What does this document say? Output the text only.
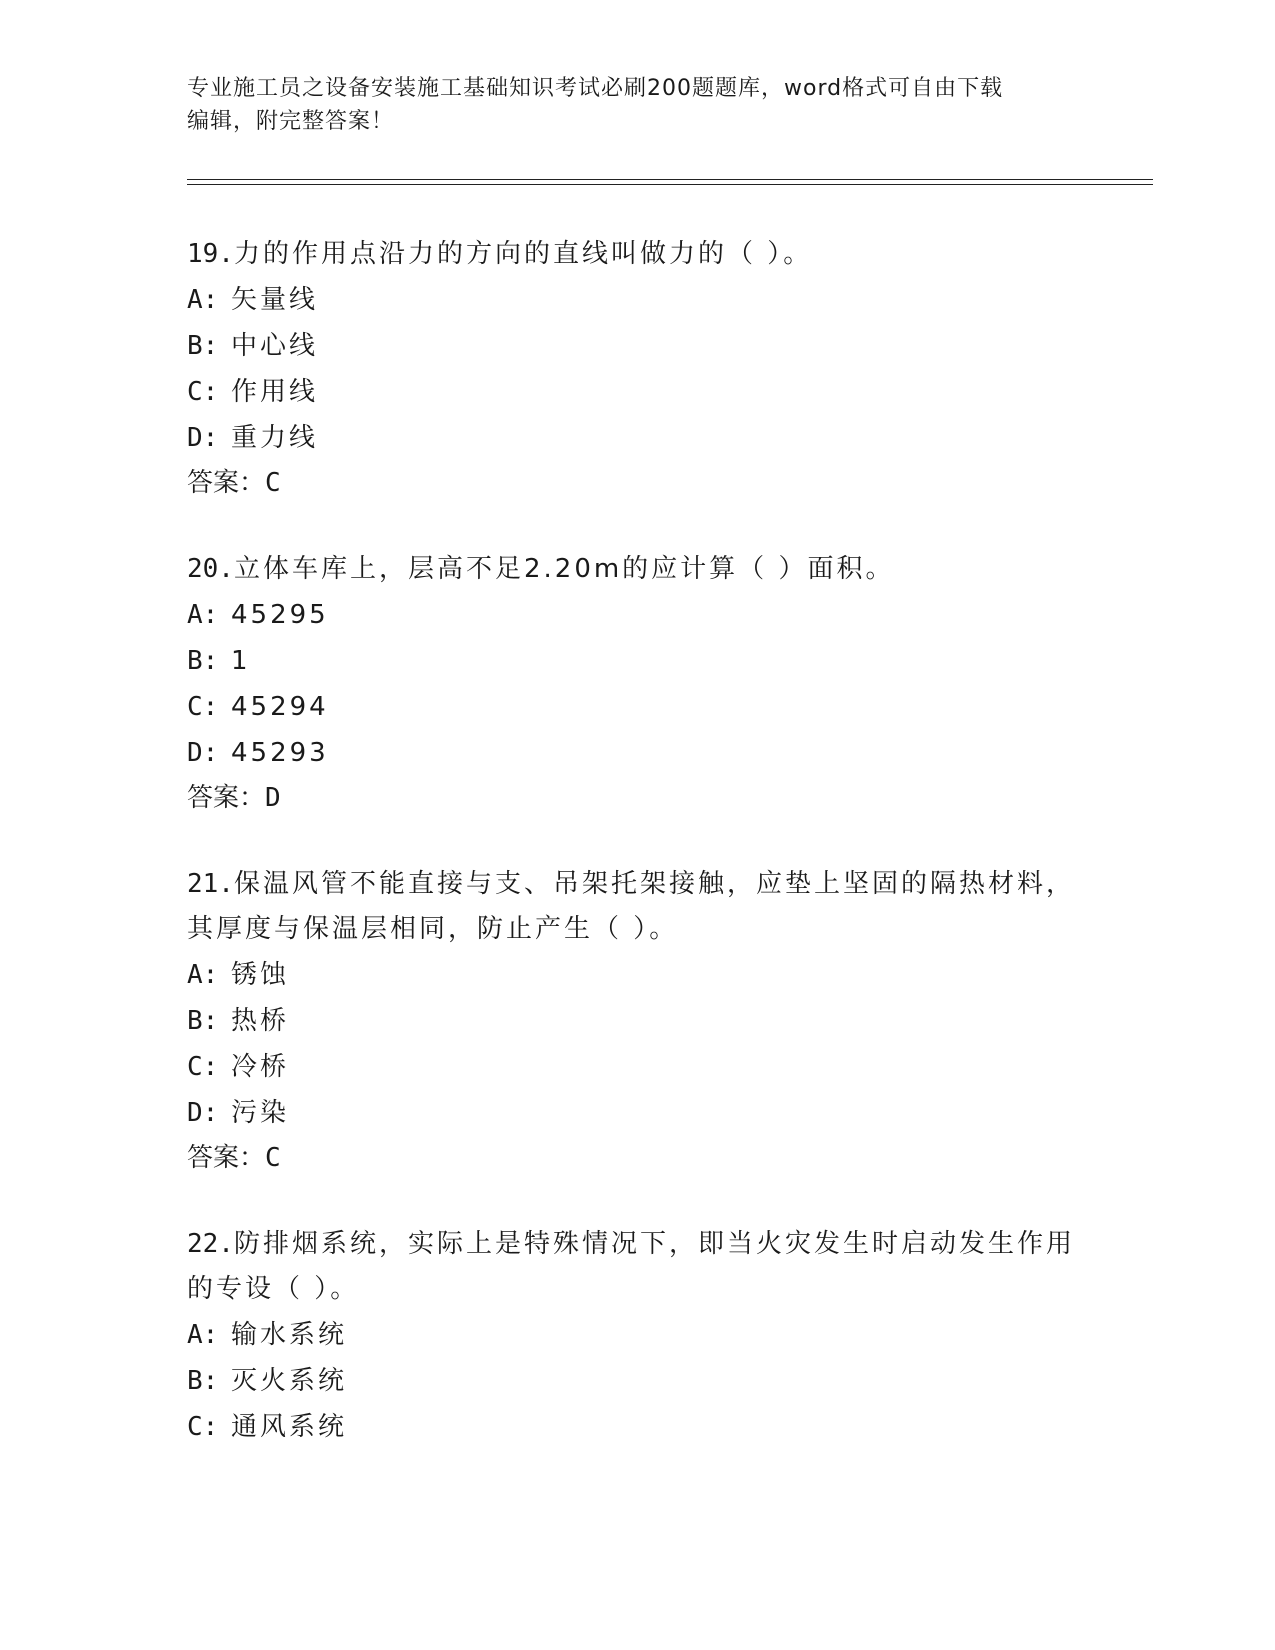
专业施工员之设备安装施工基础知识考试必刷200题题库，word格式可自由下载
编辑，附完整答案！
19.力的作用点沿力的方向的直线叫做力的（ ）。
A: 矢量线
B: 中心线
C: 作用线
D: 重力线
答案：C
20.立体车库上，层高不足2.20m的应计算（ ）面积。
A: 45295
B: 1
C: 45294
D: 45293
答案：D
21.保温风管不能直接与支、吊架托架接触，应垫上坚固的隔热材料，
其厚度与保温层相同，防止产生（ ）。
A: 锈蚀
B: 热桥
C: 冷桥
D: 污染
答案：C
22.防排烟系统，实际上是特殊情况下，即当火灾发生时启动发生作用
的专设（ ）。
A: 输水系统
B: 灭火系统
C: 通风系统
